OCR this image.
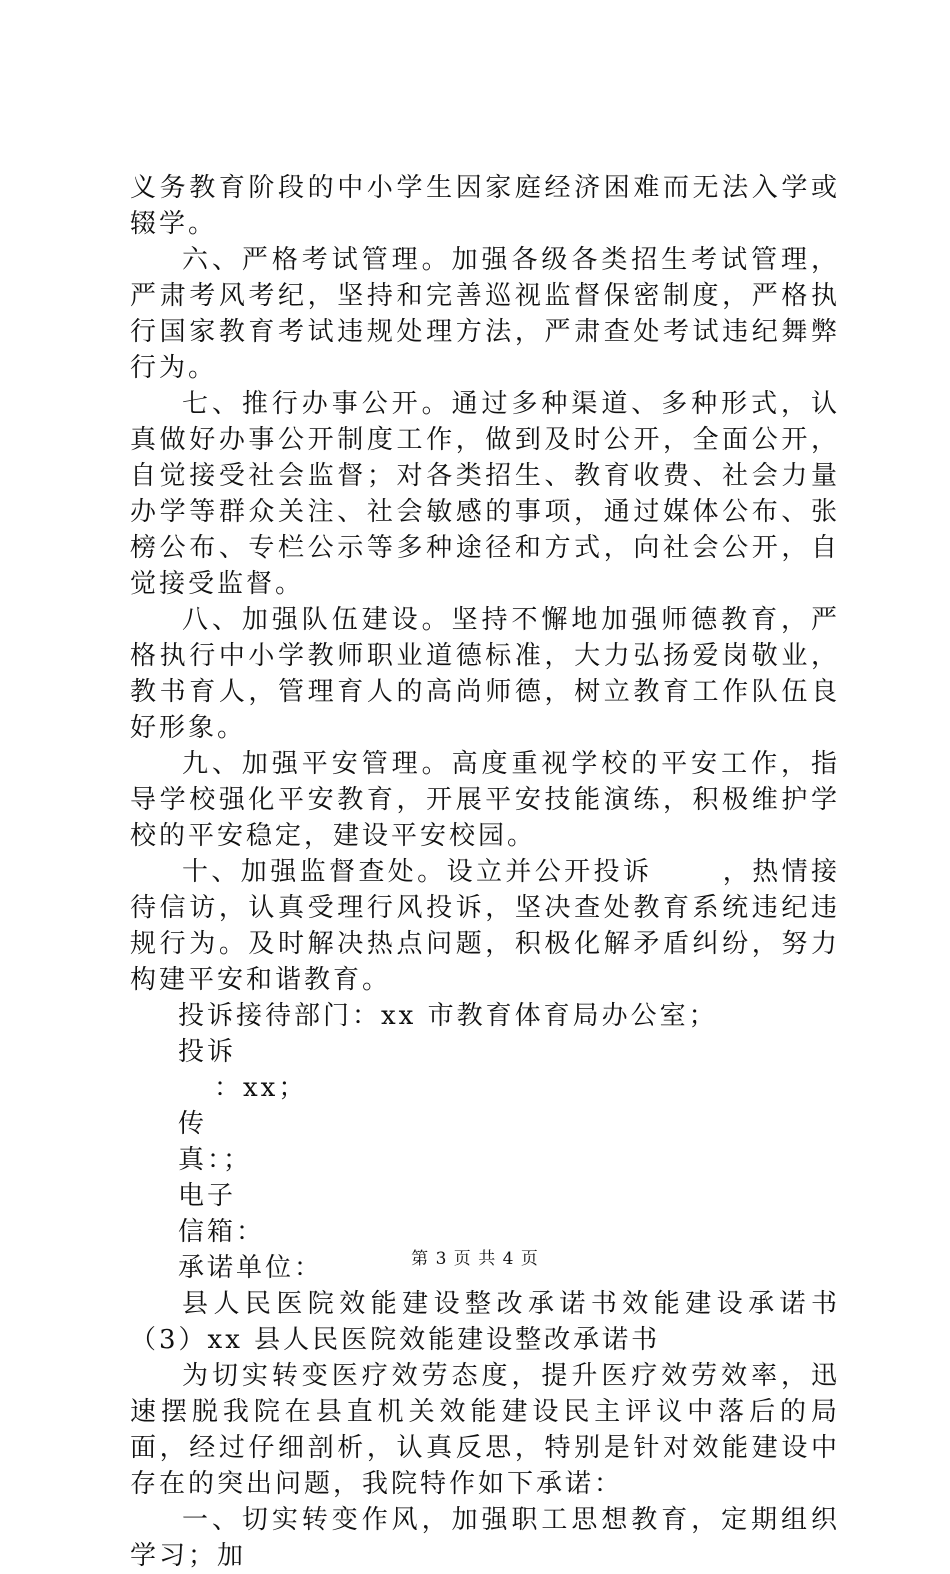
义务教育阶段的中小学生因家庭经济困难而无法入学或辍学。

六、严格考试管理。加强各级各类招生考试管理，严肃考风考纪，坚持和完善巡视监督保密制度，严格执行国家教育考试违规处理方法，严肃查处考试违纪舞弊行为。

七、推行办事公开。通过多种渠道、多种形式，认真做好办事公开制度工作，做到及时公开，全面公开，自觉接受社会监督；对各类招生、教育收费、社会力量办学等群众关注、社会敏感的事项，通过媒体公布、张榜公布、专栏公示等多种途径和方式，向社会公开，自觉接受监督。

八、加强队伍建设。坚持不懈地加强师德教育，严格执行中小学教师职业道德标准，大力弘扬爱岗敬业，教书育人，管理育人的高尚师德，树立教育工作队伍良好形象。

九、加强平安管理。高度重视学校的平安工作，指导学校强化平安教育，开展平安技能演练，积极维护学校的平安稳定，建设平安校园。

十、加强监督查处。设立并公开投诉 　　，热情接待信访，认真受理行风投诉，坚决查处教育系统违纪违规行为。及时解决热点问题，积极化解矛盾纠纷，努力构建平安和谐教育。

投诉接待部门：xx 市教育体育局办公室；

投诉

：xx；

传

真：；

电子

信箱：

承诺单位：

县人民医院效能建设整改承诺书效能建设承诺书（3）xx 县人民医院效能建设整改承诺书

为切实转变医疗效劳态度，提升医疗效劳效率，迅速摆脱我院在县直机关效能建设民主评议中落后的局面，经过仔细剖析，认真反思，特别是针对效能建设中存在的突出问题，我院特作如下承诺：

一、切实转变作风，加强职工思想教育，定期组织学习；加

第 3 页 共 4 页
